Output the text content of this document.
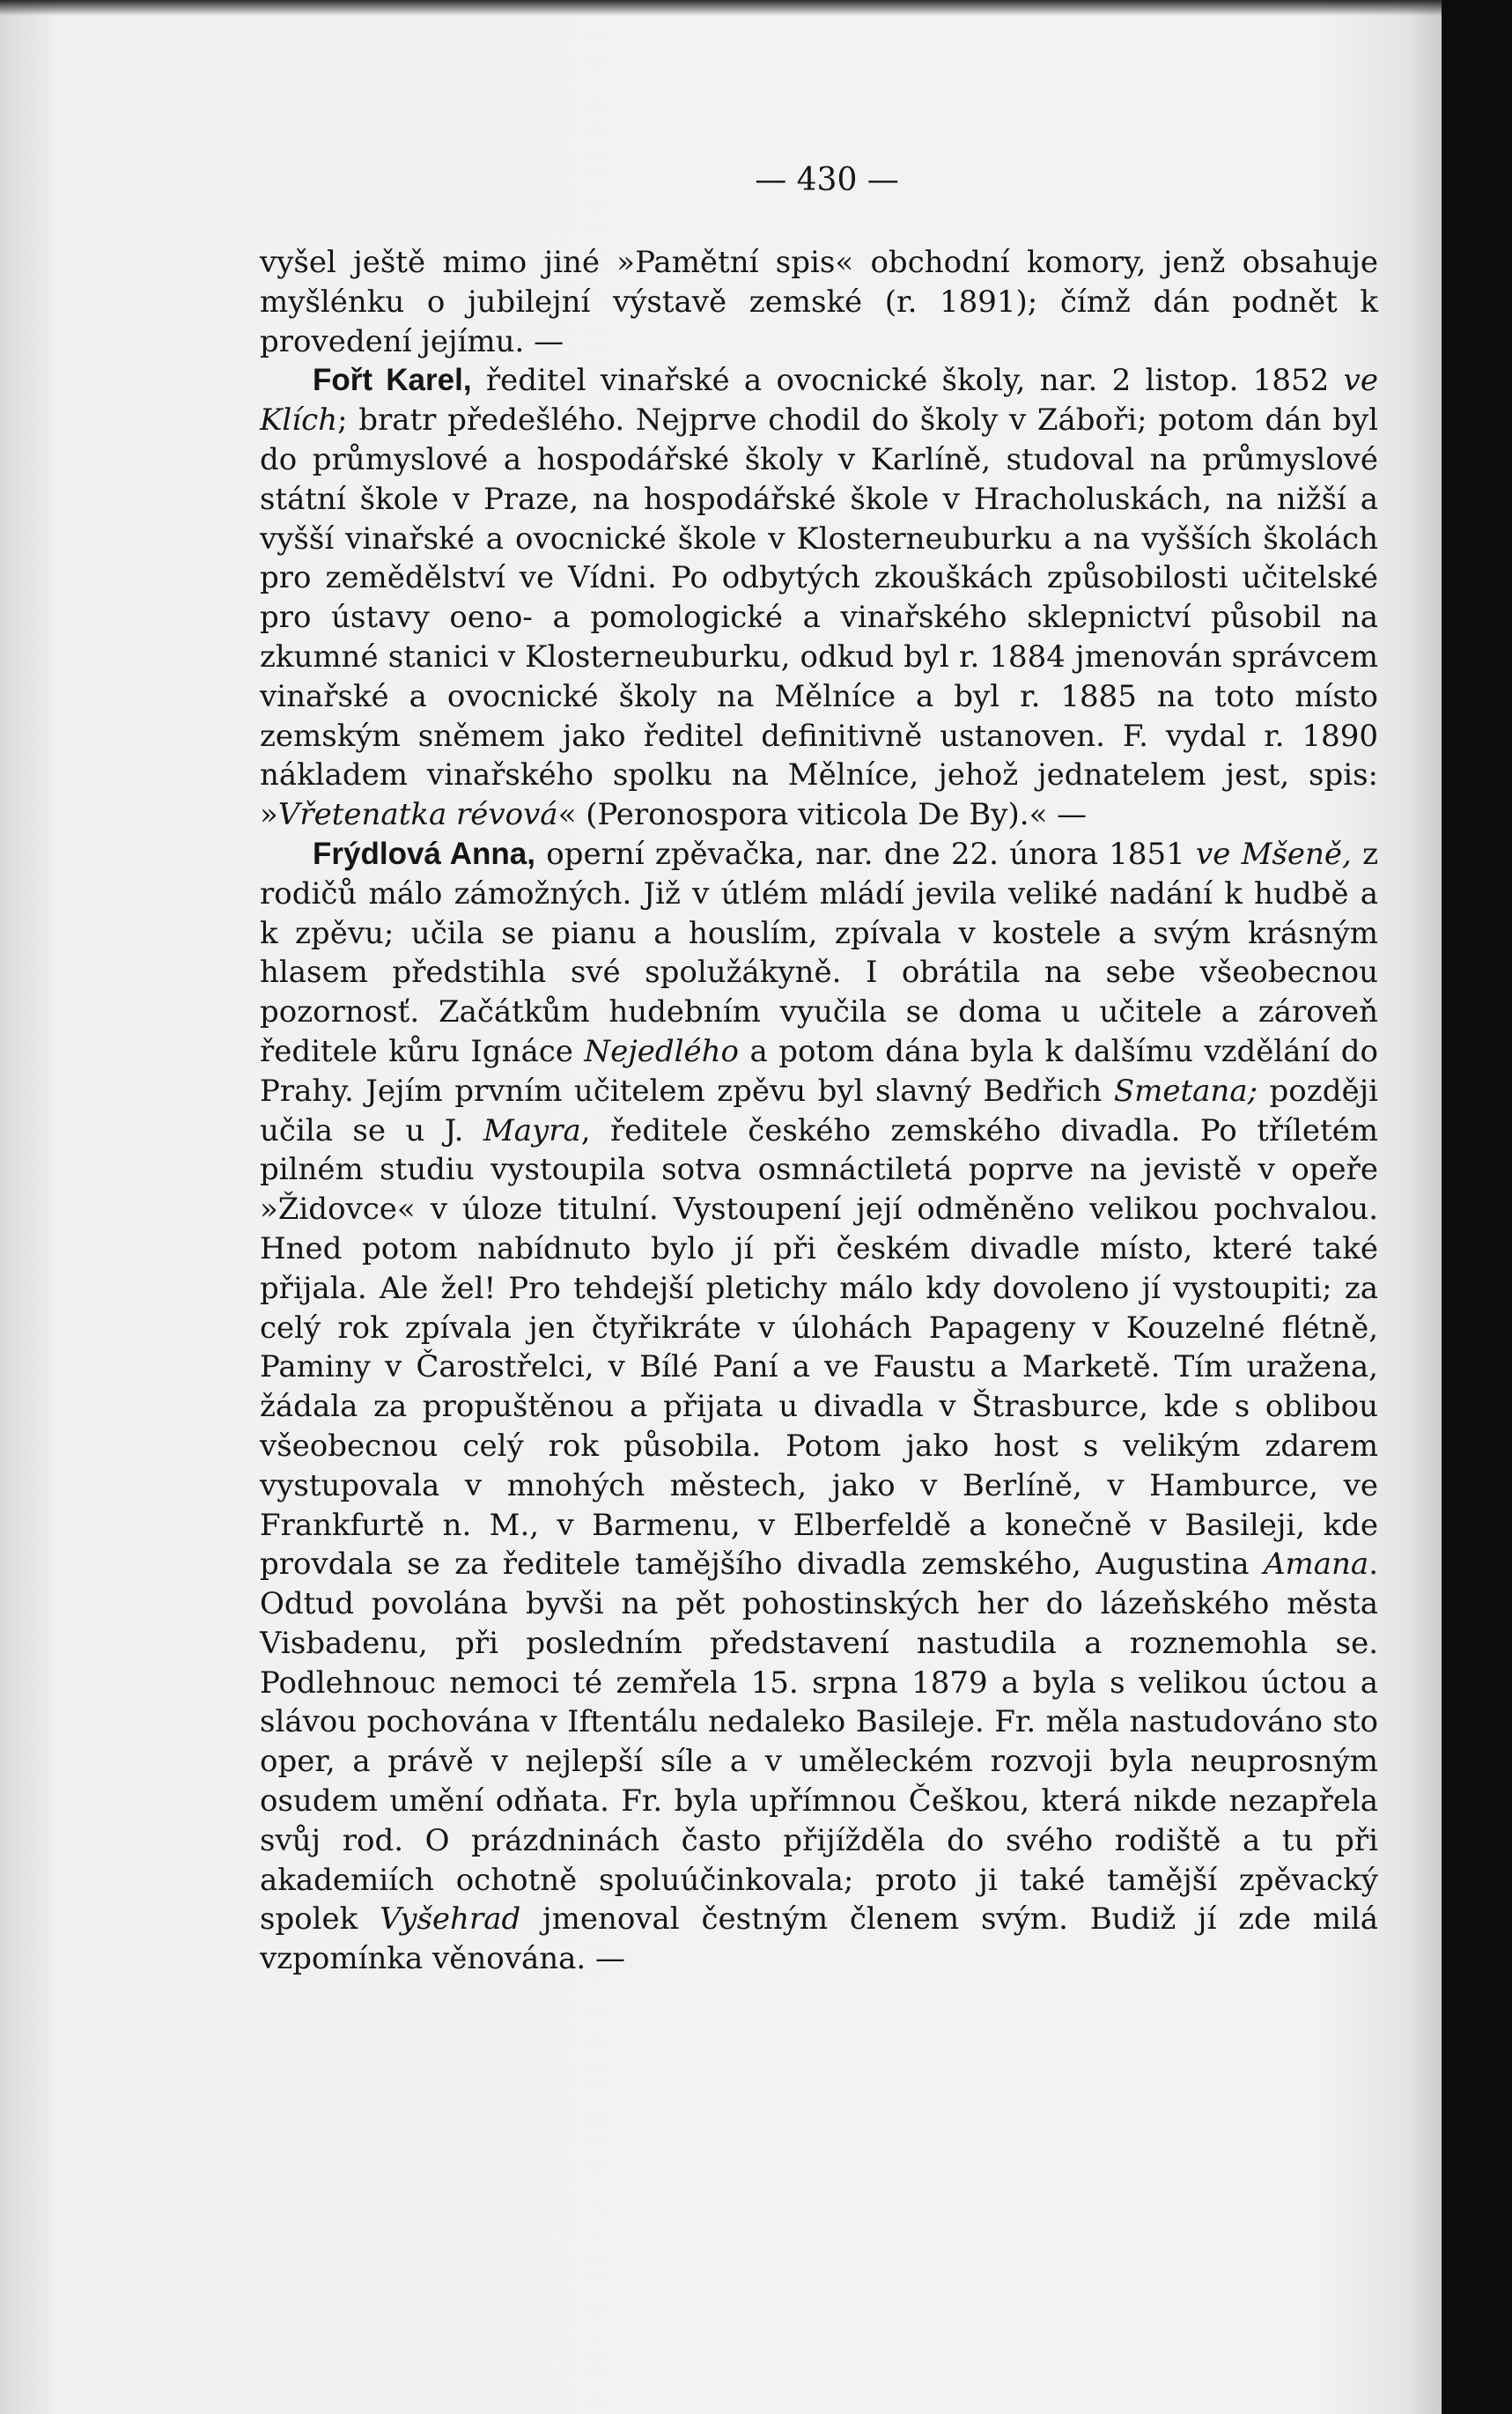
— 430 —

vyšel ještě mimo jiné »Pamětní spis« obchodní komory, jenž obsahuje myšlénku o jubilejní výstavě zemské (r. 1891); čímž dán podnět k provedení jejímu. —

Fořt Karel, ředitel vinařské a ovocnické školy, nar. 2 listop. 1852 ve Klích; bratr předešlého. Nejprve chodil do školy v Záboři; potom dán byl do průmyslové a hospodářské školy v Karlíně, studoval na průmyslové státní škole v Praze, na hospodářské škole v Hracholuskách, na nižší a vyšší vinařské a ovocnické škole v Klosterneuburku a na vyšších školách pro zemědělství ve Vídni. Po odbytých zkouškách způsobilosti učitelské pro ústavy oeno- a pomologické a vinařského sklepnictví působil na zkumné stanici v Klosterneuburku, odkud byl r. 1884 jmenován správcem vinařské a ovocnické školy na Mělníce a byl r. 1885 na toto místo zemským sněmem jako ředitel definitivně ustanoven. F. vydal r. 1890 nákladem vinařského spolku na Mělníce, jehož jednatelem jest, spis: »Vřetenatka révová« (Peronospora viticola De By).« —

Frýdlová Anna, operní zpěvačka, nar. dne 22. února 1851 ve Mšeně, z rodičů málo zámožných. Již v útlém mládí jevila veliké nadání k hudbě a k zpěvu; učila se pianu a houslím, zpívala v kostele a svým krásným hlasem předstihla své spolužákyně. I obrátila na sebe všeobecnou pozornosť. Začátkům hudebním vyučila se doma u učitele a zároveň ředitele kůru Ignáce Nejedlého a potom dána byla k dalšímu vzdělání do Prahy. Jejím prvním učitelem zpěvu byl slavný Bedřich Smetana; později učila se u J. Mayra, ředitele českého zemského divadla. Po tříletém pilném studiu vystoupila sotva osmnáctiletá poprve na jevistě v opeře »Židovce« v úloze titulní. Vystoupení její odměněno velikou pochvalou. Hned potom nabídnuto bylo jí při českém divadle místo, které také přijala. Ale žel! Pro tehdejší pletichy málo kdy dovoleno jí vystoupiti; za celý rok zpívala jen čtyřikráte v úlohách Papageny v Kouzelné flétně, Paminy v Čarostřelci, v Bílé Paní a ve Faustu a Marketě. Tím uražena, žádala za propuštěnou a přijata u divadla v Štrasburce, kde s oblibou všeobecnou celý rok působila. Potom jako host s velikým zdarem vystupovala v mnohých městech, jako v Berlíně, v Hamburce, ve Frankfurtě n. M., v Barmenu, v Elberfeldě a konečně v Basileji, kde provdala se za ředitele tamějšího divadla zemského, Augustina Amana. Odtud povolána byvši na pět pohostinských her do lázeňského města Visbadenu, při posledním představení nastudila a roznemohla se. Podlehnouc nemoci té zemřela 15. srpna 1879 a byla s velikou úctou a slávou pochována v Iftentálu nedaleko Basileje. Fr. měla nastudováno sto oper, a právě v nejlepší síle a v uměleckém rozvoji byla neuprosným osudem umění odňata. Fr. byla upřímnou Češkou, která nikde nezapřela svůj rod. O prázdninách často přijížděla do svého rodiště a tu při akademiích ochotně spoluúčinkovala; proto ji také tamější zpěvacký spolek Vyšehrad jmenoval čestným členem svým. Budiž jí zde milá vzpomínka věnována. —
